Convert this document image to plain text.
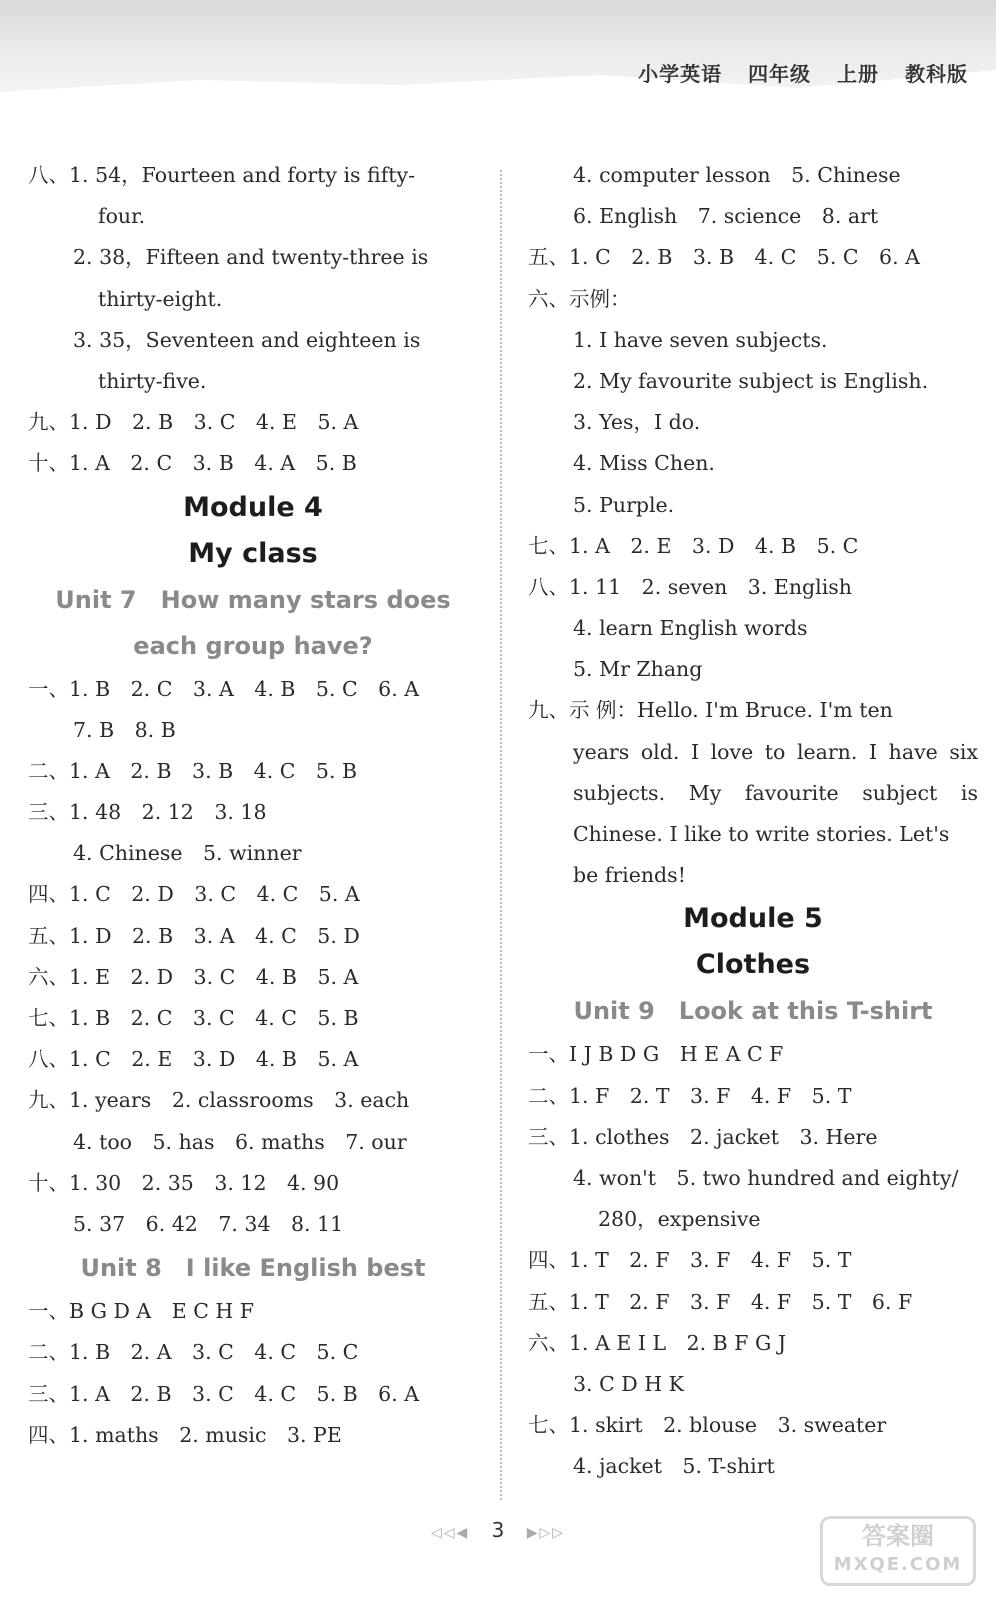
小学英语 四年级 上册 教科版
八、1. 54，Fourteen and forty is fifty-
four.
2. 38，Fifteen and twenty-three is
thirty-eight.
3. 35，Seventeen and eighteen is
thirty-five.
九、1. D　2. B　3. C　4. E　5. A
十、1. A　2. C　3. B　4. A　5. B
Module 4
My class
Unit 7　How many stars does
each group have?
一、1. B　2. C　3. A　4. B　5. C　6. A
7. B　8. B
二、1. A　2. B　3. B　4. C　5. B
三、1. 48　2. 12　3. 18
4. Chinese　5. winner
四、1. C　2. D　3. C　4. C　5. A
五、1. D　2. B　3. A　4. C　5. D
六、1. E　2. D　3. C　4. B　5. A
七、1. B　2. C　3. C　4. C　5. B
八、1. C　2. E　3. D　4. B　5. A
九、1. years　2. classrooms　3. each
4. too　5. has　6. maths　7. our
十、1. 30　2. 35　3. 12　4. 90
5. 37　6. 42　7. 34　8. 11
Unit 8　I like English best
一、B G D A　E C H F
二、1. B　2. A　3. C　4. C　5. C
三、1. A　2. B　3. C　4. C　5. B　6. A
四、1. maths　2. music　3. PE
4. computer lesson　5. Chinese
6. English　7. science　8. art
五、1. C　2. B　3. B　4. C　5. C　6. A
六、示例：
1. I have seven subjects.
2. My favourite subject is English.
3. Yes，I do.
4. Miss Chen.
5. Purple.
七、1. A　2. E　3. D　4. B　5. C
八、1. 11　2. seven　3. English
4. learn English words
5. Mr Zhang
九、示 例：Hello. I'm Bruce. I'm ten
years old. I love to learn. I have six
subjects. My favourite subject is
Chinese. I like to write stories. Let's
be friends!
Module 5
Clothes
Unit 9　Look at this T-shirt
一、I J B D G　H E A C F
二、1. F　2. T　3. F　4. F　5. T
三、1. clothes　2. jacket　3. Here
4. won't　5. two hundred and eighty/
280，expensive
四、1. T　2. F　3. F　4. F　5. T
五、1. T　2. F　3. F　4. F　5. T　6. F
六、1. A E I L　2. B F G J
3. C D H K
七、1. skirt　2. blouse　3. sweater
4. jacket　5. T-shirt
◁◁◀ 3 ▶▷▷	答案圈
MXQE.COM
